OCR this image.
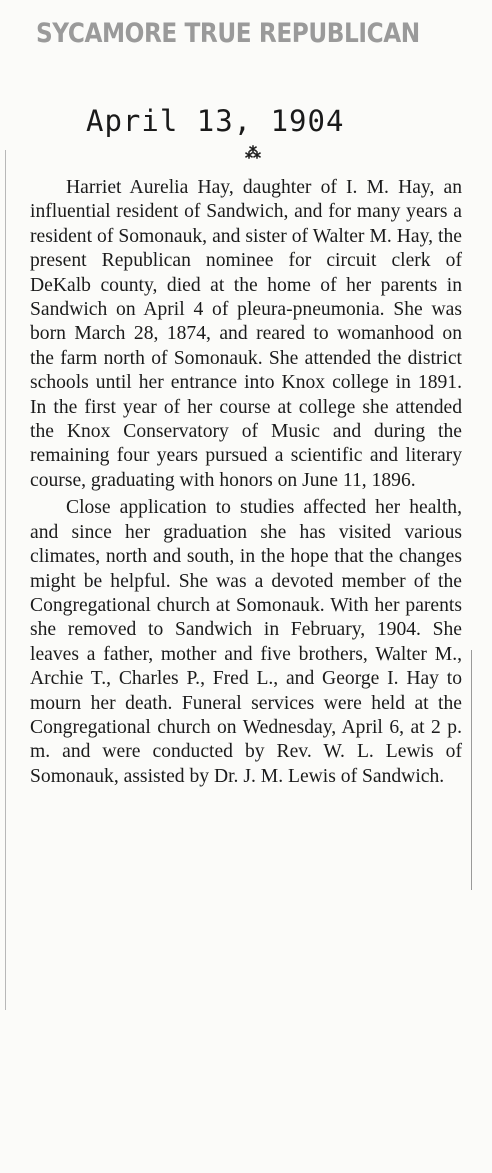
SYCAMORE TRUE REPUBLICAN
April 13, 1904
⁂

Harriet Aurelia Hay, daughter of I. M. Hay, an influential resident of Sandwich, and for many years a resident of Somonauk, and sister of Walter M. Hay, the present Republican nominee for circuit clerk of DeKalb county, died at the home of her parents in Sandwich on April 4 of pleura-pneumonia. She was born March 28, 1874, and reared to womanhood on the farm north of Somonauk. She attended the district schools until her entrance into Knox college in 1891. In the first year of her course at college she attended the Knox Conservatory of Music and during the remaining four years pursued a scientific and literary course, graduating with honors on June 11, 1896.

Close application to studies affected her health, and since her graduation she has visited various climates, north and south, in the hope that the changes might be helpful. She was a devoted member of the Congregational church at Somonauk. With her parents she removed to Sandwich in February, 1904. She leaves a father, mother and five brothers, Walter M., Archie T., Charles P., Fred L., and George I. Hay to mourn her death. Funeral services were held at the Congregational church on Wednesday, April 6, at 2 p. m. and were conducted by Rev. W. L. Lewis of Somonauk, assisted by Dr. J. M. Lewis of Sandwich.
